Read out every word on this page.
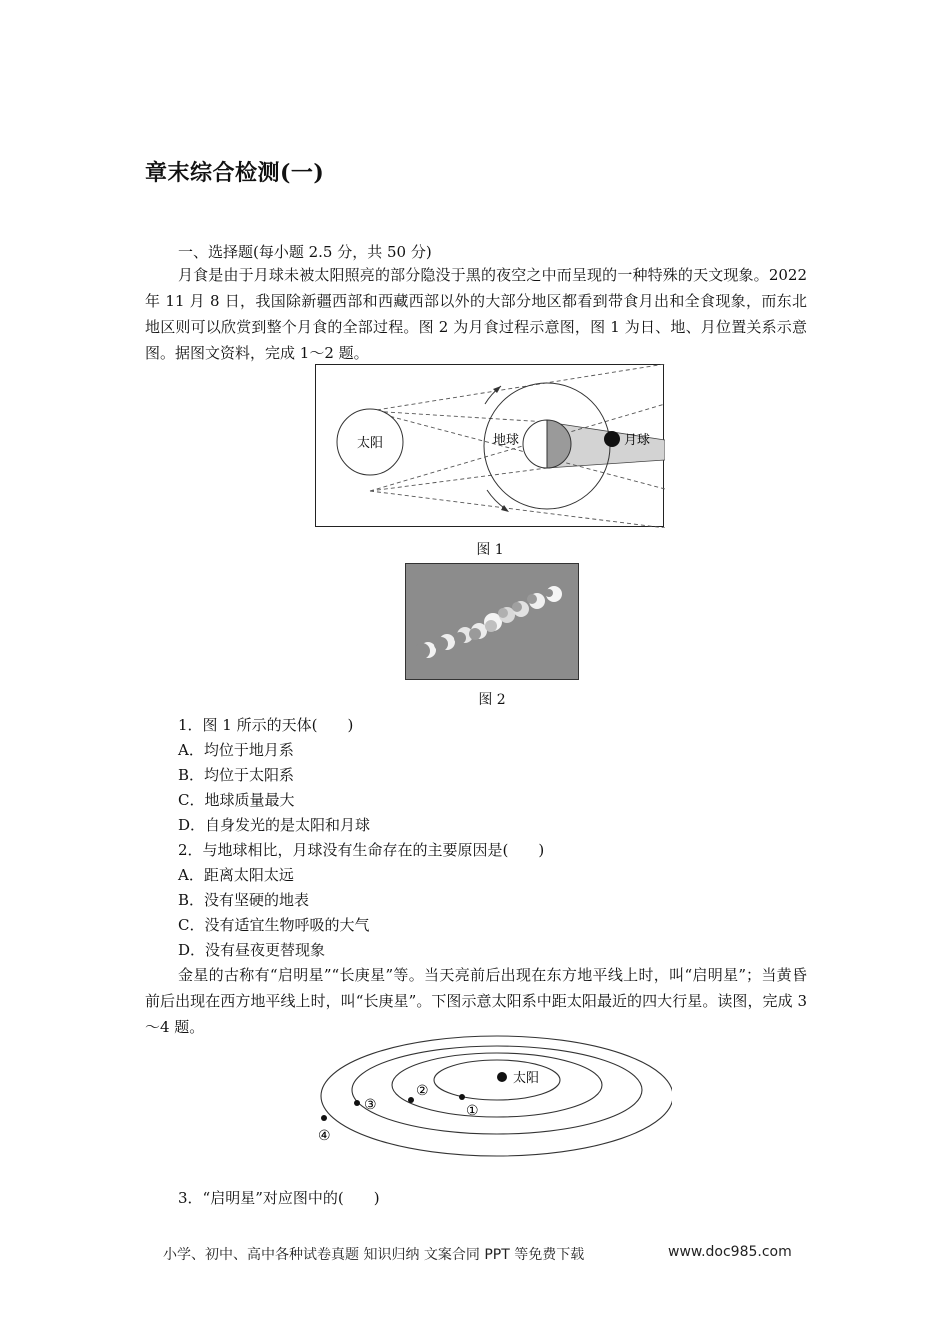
章末综合检测(一)
一、选择题(每小题 2.5 分，共 50 分)

月食是由于月球未被太阳照亮的部分隐没于黑的夜空之中而呈现的一种特殊的天文现象。2022 年 11 月 8 日，我国除新疆西部和西藏西部以外的大部分地区都看到带食月出和全食现象，而东北地区则可以欣赏到整个月食的全部过程。图 2 为月食过程示意图，图 1 为日、地、月位置关系示意图。据图文资料，完成 1～2 题。

太阳	地球	月球
图 1
图 2
1．图 1 所示的天体(　　)
A．均位于地月系
B．均位于太阳系
C．地球质量最大
D．自身发光的是太阳和月球
2．与地球相比，月球没有生命存在的主要原因是(　　)
A．距离太阳太远
B．没有坚硬的地表
C．没有适宜生物呼吸的大气
D．没有昼夜更替现象

金星的古称有“启明星”“长庚星”等。当天亮前后出现在东方地平线上时，叫“启明星”；当黄昏前后出现在西方地平线上时，叫“长庚星”。下图示意太阳系中距太阳最近的四大行星。读图，完成 3～4 题。

太阳
①
②
③
④
3．“启明星”对应图中的(　　)
小学、初中、高中各种试卷真题 知识归纳 文案合同 PPT 等免费下载	www.doc985.com
